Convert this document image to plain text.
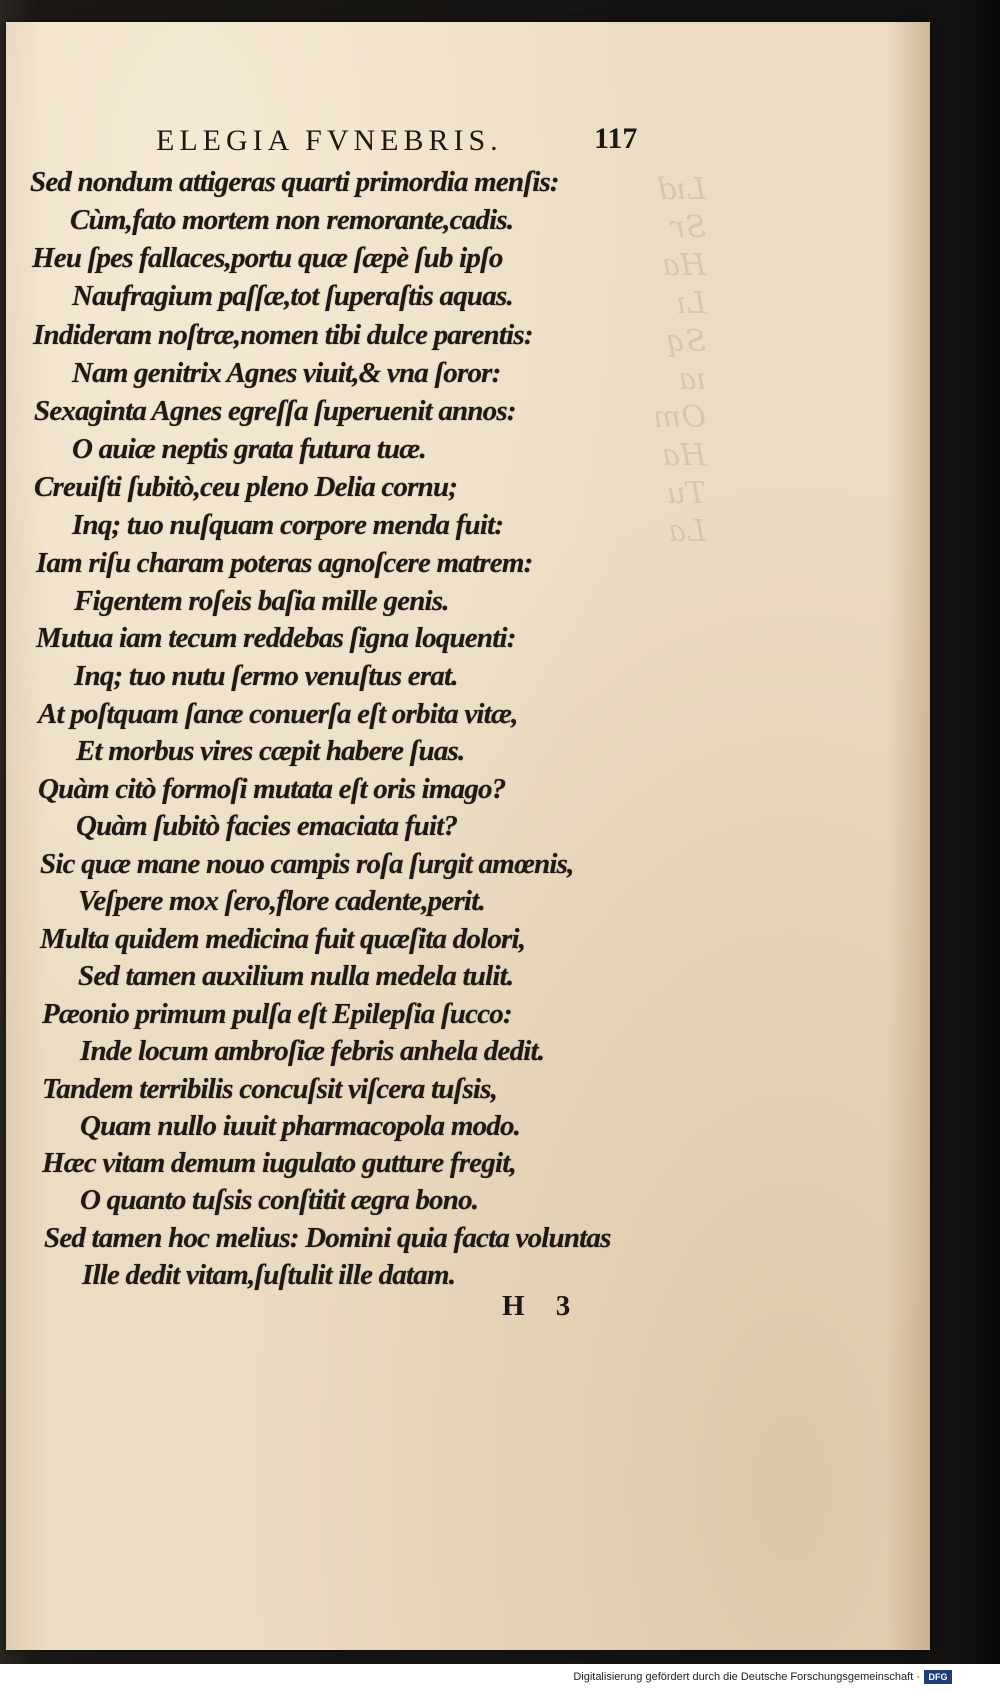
Lıd
Sr
Ha
Lı
Sq
ıa
Om
Ha
Tu
La
ELEGIA FVNEBRIS.	117
Sed nondum attigeras quarti primordia menſis:
Cùm,fato mortem non remorante,cadis.
Heu ſpes fallaces,portu quæ ſæpè ſub ipſo
Naufragium paſſæ,tot ſuperaſtis aquas.
Indideram noſtræ,nomen tibi dulce parentis:
Nam genitrix Agnes viuit,& vna ſoror:
Sexaginta Agnes egreſſa ſuperuenit annos:
O auiæ neptis grata futura tuæ.
Creuiſti ſubitò,ceu pleno Delia cornu;
Inq; tuo nuſquam corpore menda fuit:
Iam riſu charam poteras agnoſcere matrem:
Figentem roſeis baſia mille genis.
Mutua iam tecum reddebas ſigna loquenti:
Inq; tuo nutu ſermo venuſtus erat.
At poſtquam ſanæ conuerſa eſt orbita vitæ,
Et morbus vires cæpit habere ſuas.
Quàm citò formoſi mutata eſt oris imago?
Quàm ſubitò facies emaciata fuit?
Sic quæ mane nouo campis roſa ſurgit amœnis,
Veſpere mox ſero,flore cadente,perit.
Multa quidem medicina fuit quæſita dolori,
Sed tamen auxilium nulla medela tulit.
Pæonio primum pulſa eſt Epilepſia ſucco:
Inde locum ambroſiæ febris anhela dedit.
Tandem terribilis concuſsit viſcera tuſsis,
Quam nullo iuuit pharmacopola modo.
Hæc vitam demum iugulato gutture fregit,
O quanto tuſsis conſtitit ægra bono.
Sed tamen hoc melius: Domini quia facta voluntas
Ille dedit vitam,ſuſtulit ille datam.
H 3
Digitalisierung gefördert durch die Deutsche Forschungsgemeinschaft · DFG
